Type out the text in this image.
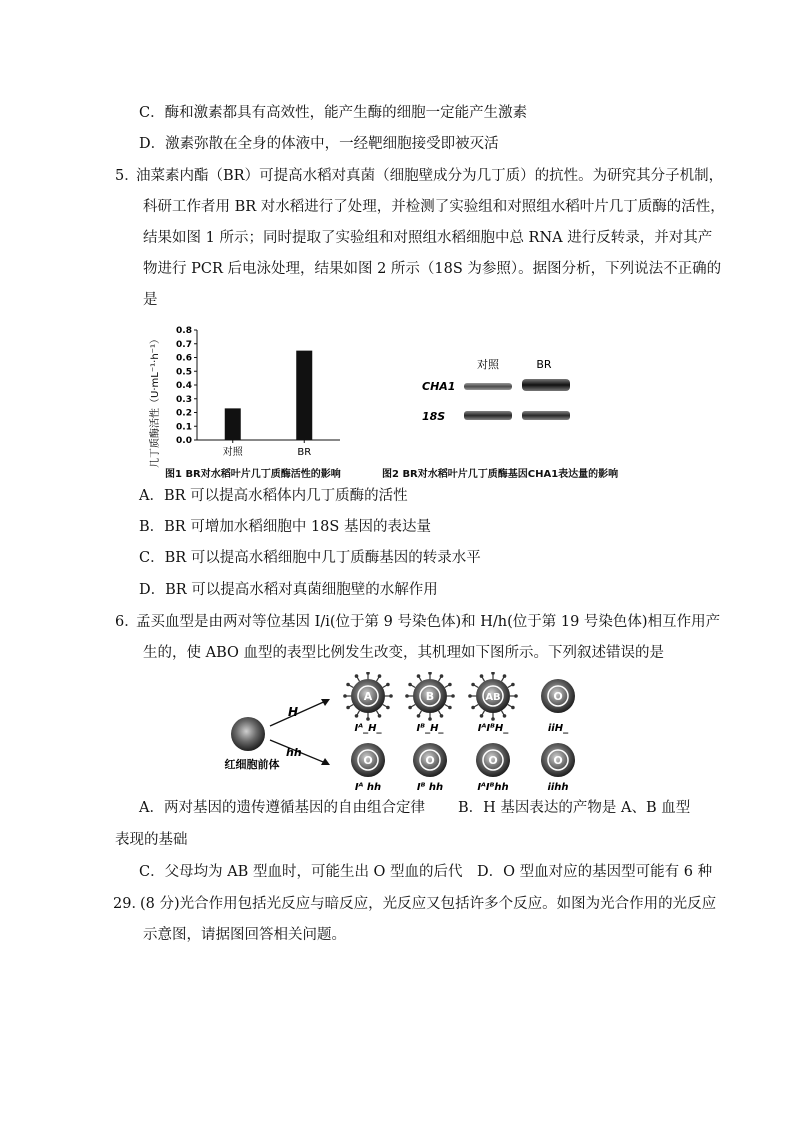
C．酶和激素都具有高效性，能产生酶的细胞一定能产生激素
D．激素弥散在全身的体液中，一经靶细胞接受即被灭活
5．
油菜素内酯（BR）可提高水稻对真菌（细胞壁成分为几丁质）的抗性。为研究其分子机制，
科研工作者用 BR 对水稻进行了处理，并检测了实验组和对照组水稻叶片几丁质酶的活性，
结果如图 1 所示；同时提取了实验组和对照组水稻细胞中总 RNA 进行反转录，并对其产
物进行 PCR 后电泳处理，结果如图 2 所示（18S 为参照）。据图分析，下列说法不正确的
是
几丁质酶活性（U·mL⁻¹·h⁻¹） 0.0
0.1
0.2
0.3
0.4
0.5
0.6
0.7
0.8
对照	BR
图1 BR对水稻叶片几丁质酶活性的影响
对照	BR
CHA1
18S
图2 BR对水稻叶片几丁质酶基因CHA1表达量的影响
A．BR 可以提高水稻体内几丁质酶的活性
B．BR 可增加水稻细胞中 18S 基因的表达量
C．BR 可以提高水稻细胞中几丁质酶基因的转录水平
D．BR 可以提高水稻对真菌细胞壁的水解作用
6．
孟买血型是由两对等位基因 I/i(位于第 9 号染色体)和 H/h(位于第 19 号染色体)相互作用产
生的，使 ABO 血型的表型比例发生改变，其机理如下图所示。下列叙述错误的是
红细胞前体
H
hh
A
Iᴬ_H_
B
Iᴮ_H_
AB
IᴬIᴮH_
O
iiH_
O
Iᴬ hh
O
Iᴮ hh
O
IᴬIᴮhh
O
iihh
A．两对基因的遗传遵循基因的自由组合定律 B．H 基因表达的产物是 A、B 血型
表现的基础
C．父母均为 AB 型血时，可能生出 O 型血的后代　D．O 型血对应的基因型可能有 6 种
29．
(8 分)光合作用包括光反应与暗反应，光反应又包括许多个反应。如图为光合作用的光反应
示意图，请据图回答相关问题。
